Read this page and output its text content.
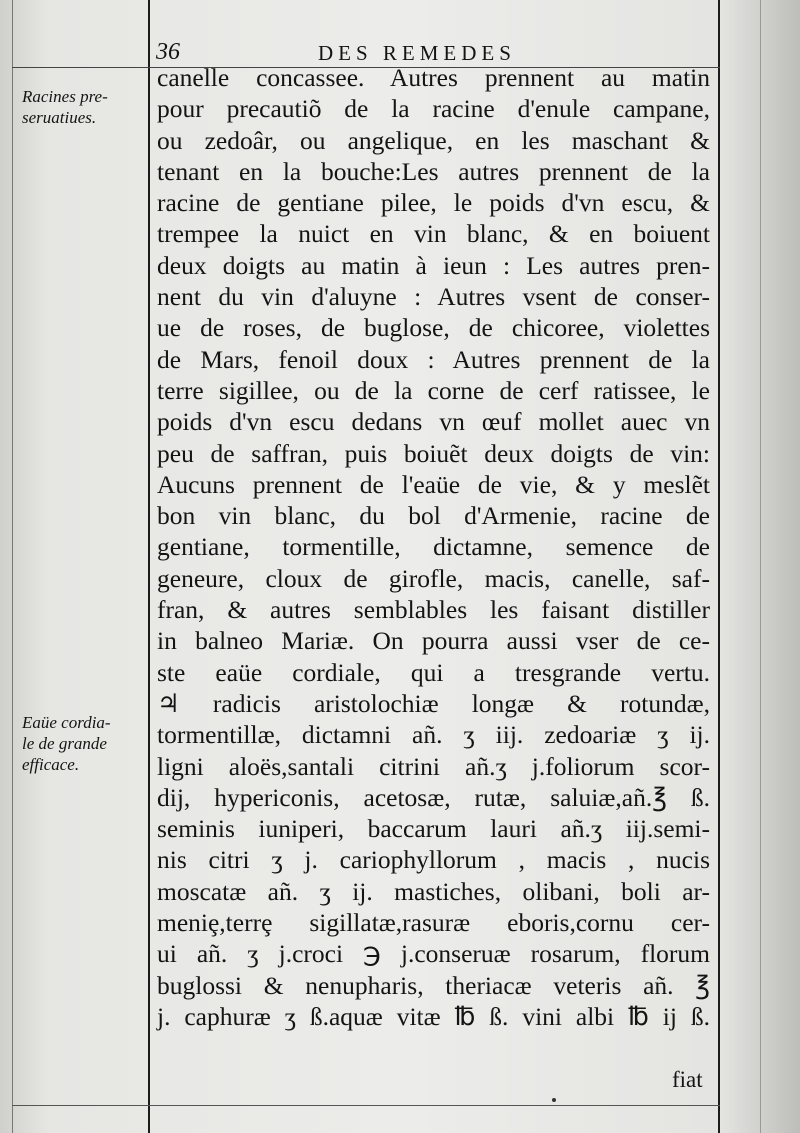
36	DES REMEDES
Racines pre-
seruatiues.
Eaüe cordia-
le de grande
efficace.
canelle concassee. Autres prennent au matin
pour precautiõ de la racine d'enule campane,
ou zedoâr, ou angelique, en les maschant &
tenant en la bouche:Les autres prennent de la
racine de gentiane pilee, le poids d'vn escu, &
trempee la nuict en vin blanc, & en boiuent
deux doigts au matin à ieun : Les autres pren-
nent du vin d'aluyne : Autres vsent de conser-
ue de roses, de buglose, de chicoree, violettes
de Mars, fenoil doux : Autres prennent de la
terre sigillee, ou de la corne de cerf ratissee, le
poids d'vn escu dedans vn œuf mollet auec vn
peu de saffran, puis boiuẽt deux doigts de vin:
Aucuns prennent de l'eaüe de vie, & y meslẽt
bon vin blanc, du bol d'Armenie, racine de
gentiane, tormentille, dictamne, semence de
geneure, cloux de girofle, macis, canelle, saf-
fran, & autres semblables les faisant distiller
in balneo Mariæ. On pourra aussi vser de ce-
ste eaüe cordiale, qui a tresgrande vertu.
♃ radicis aristolochiæ longæ & rotundæ,
tormentillæ, dictamni añ. ʒ iij. zedoariæ ʒ ij.
ligni aloës,santali citrini añ.ʒ j.foliorum scor-
dij, hypericonis, acetosæ, rutæ, saluiæ,añ.℥ ß.
seminis iuniperi, baccarum lauri añ.ʒ iij.semi-
nis citri ʒ j. cariophyllorum , macis , nucis
moscatæ añ. ʒ ij. mastiches, olibani, boli ar-
meniȩ,terrȩ sigillatæ,rasuræ eboris,cornu cer-
ui añ. ʒ j.croci ℈ j.conseruæ rosarum, florum
buglossi & nenupharis, theriacæ veteris añ. ℥
j. caphuræ ʒ ß.aquæ vitæ ℔ ß. vini albi ℔ ij ß.
fiat
